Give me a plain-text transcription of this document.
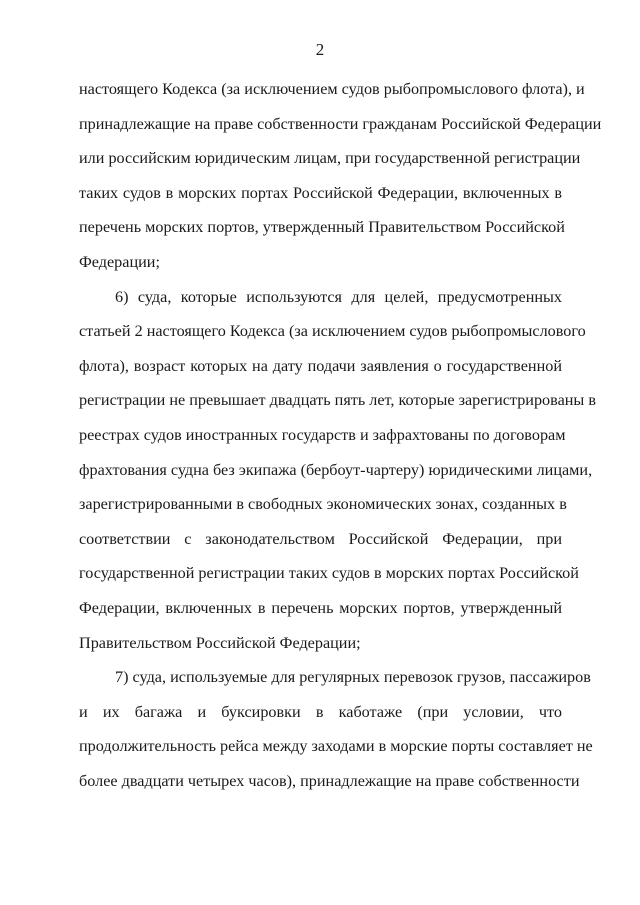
2
настоящего Кодекса (за исключением судов рыбопромыслового флота), и
принадлежащие на праве собственности гражданам Российской Федерации
или российским юридическим лицам, при государственной регистрации
таких судов в морских портах Российской Федерации, включенных в
перечень морских портов, утвержденный Правительством Российской
Федерации;
6) суда, которые используются для целей, предусмотренных
статьей 2 настоящего Кодекса (за исключением судов рыбопромыслового
флота), возраст которых на дату подачи заявления о государственной
регистрации не превышает двадцать пять лет, которые зарегистрированы в
реестрах судов иностранных государств и зафрахтованы по договорам
фрахтования судна без экипажа (бербоут-чартеру) юридическими лицами,
зарегистрированными в свободных экономических зонах, созданных в
соответствии с законодательством Российской Федерации, при
государственной регистрации таких судов в морских портах Российской
Федерации, включенных в перечень морских портов, утвержденный
Правительством Российской Федерации;
7) суда, используемые для регулярных перевозок грузов, пассажиров
и их багажа и буксировки в каботаже (при условии, что
продолжительность рейса между заходами в морские порты составляет не
более двадцати четырех часов), принадлежащие на праве собственности
